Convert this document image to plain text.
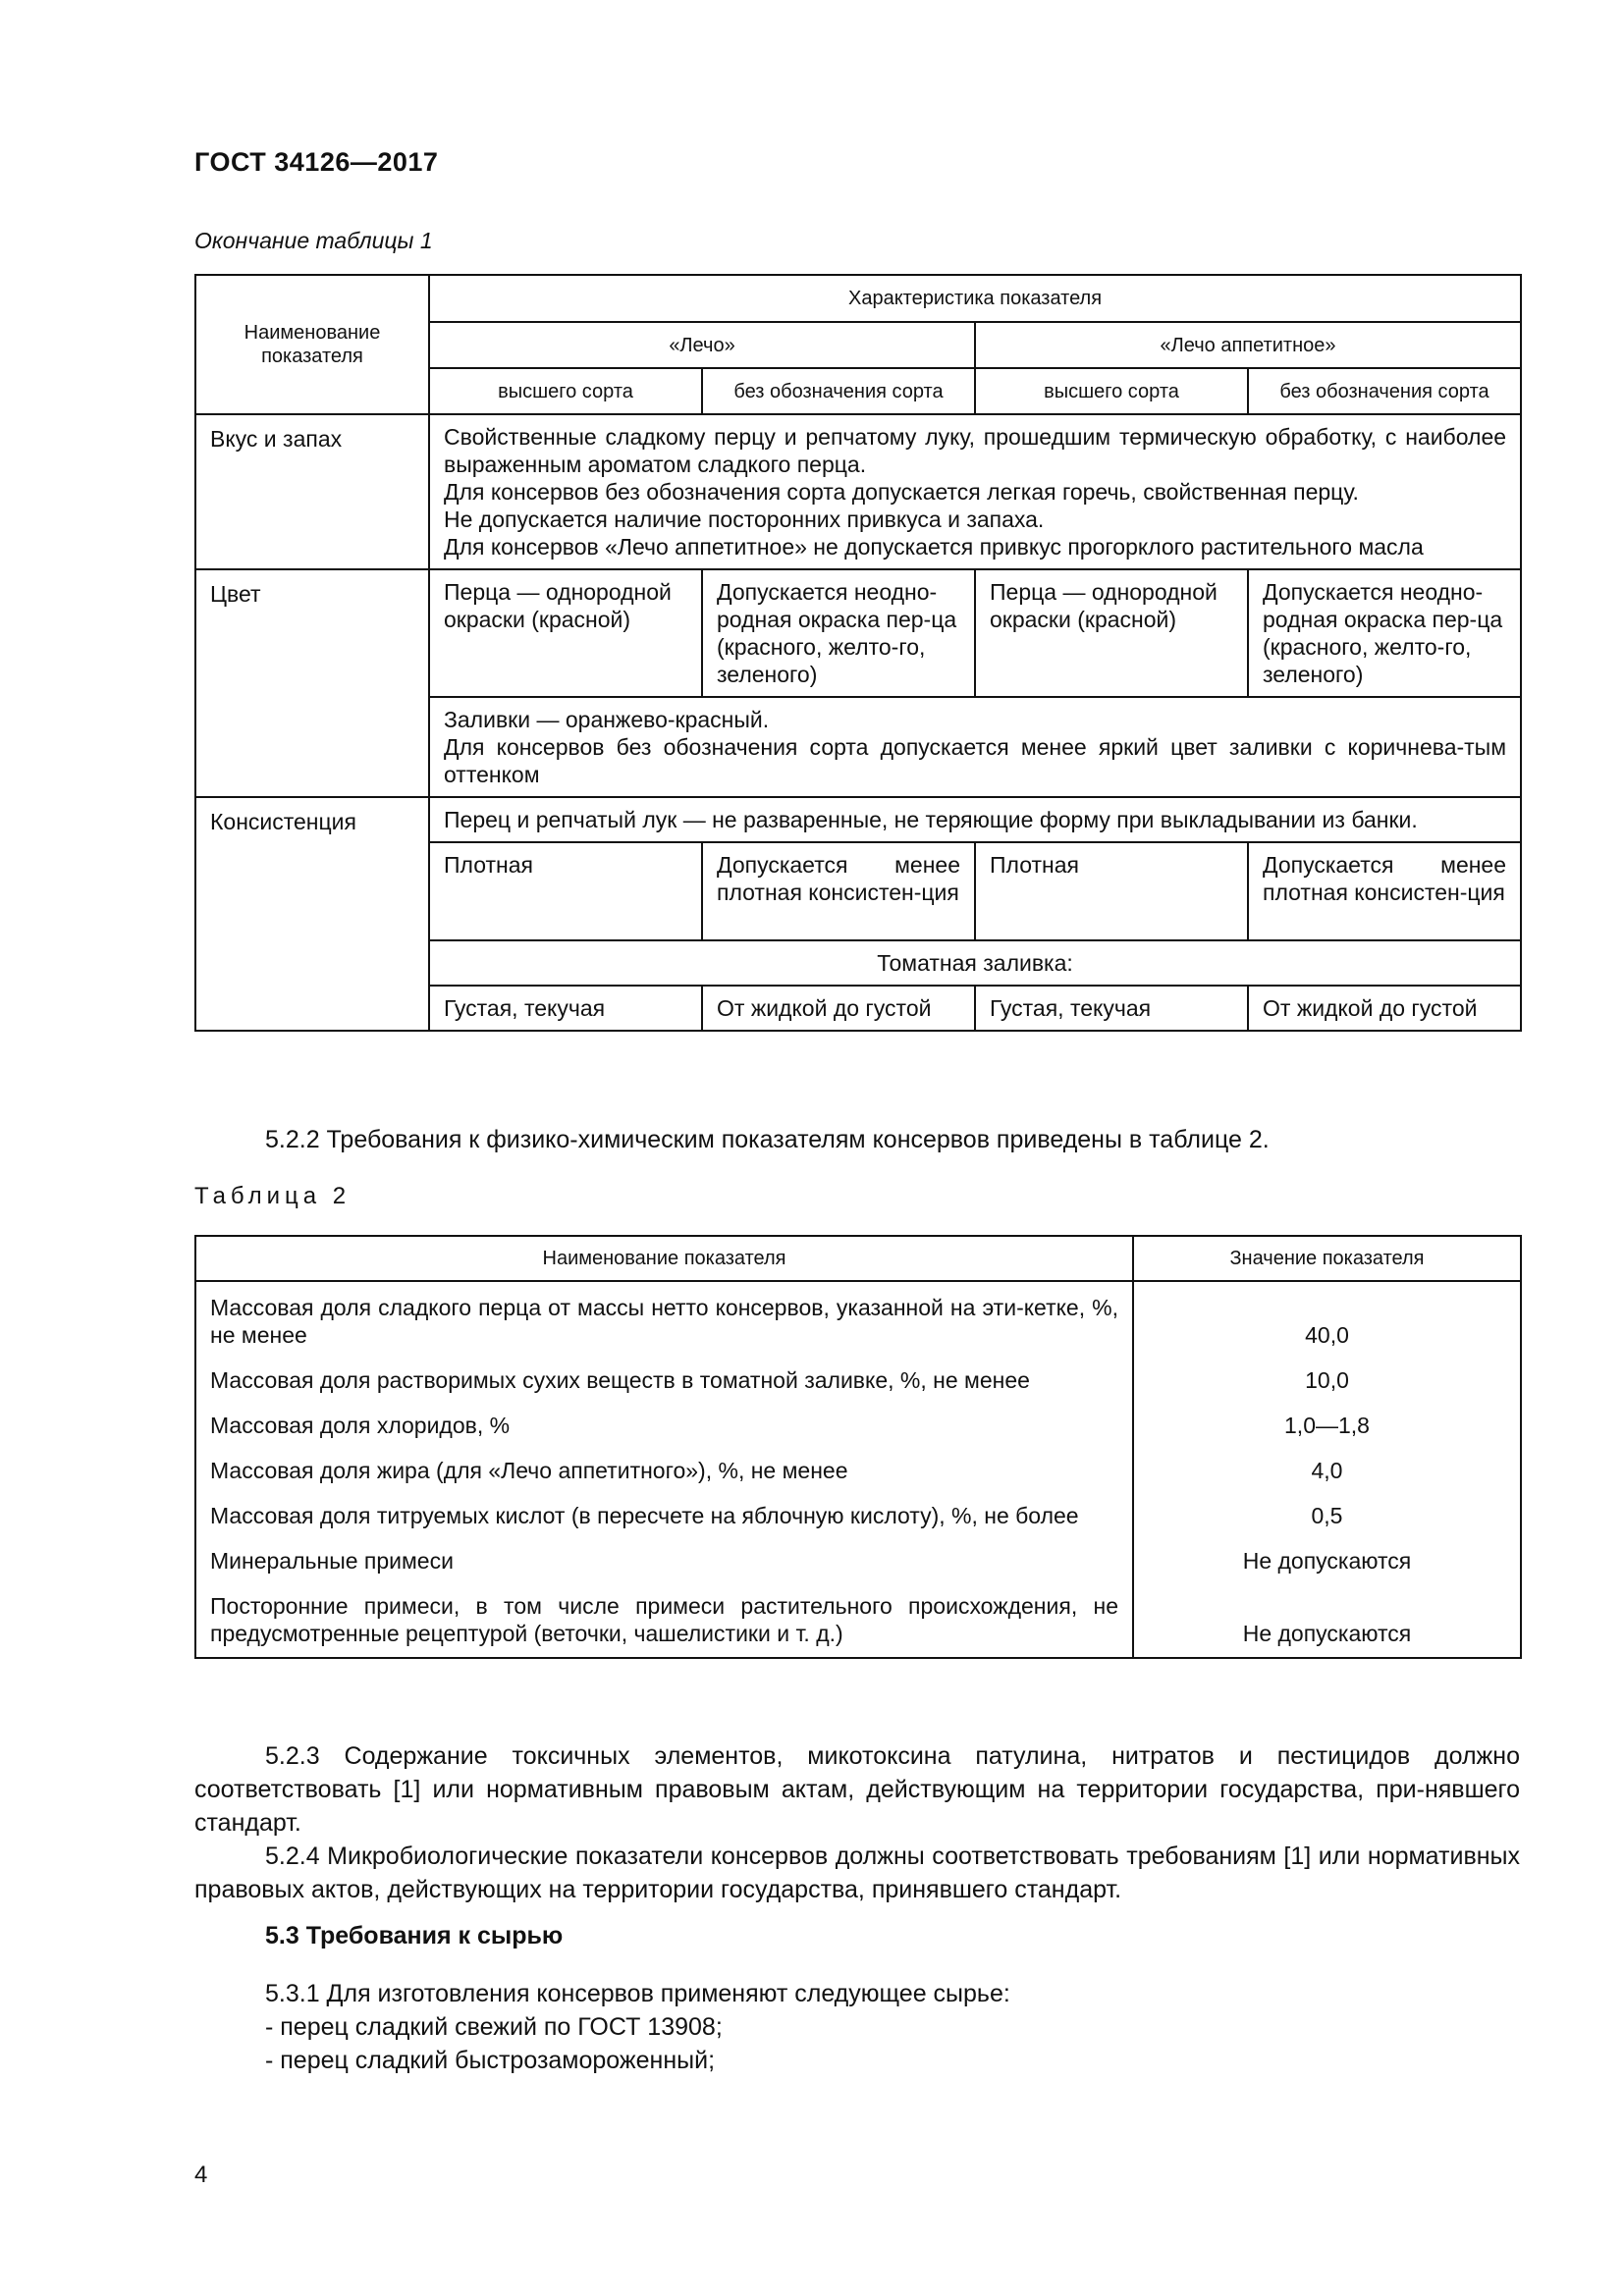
ГОСТ 34126—2017
Окончание таблицы 1
Наименование показателя	Характеристика показателя			
	«Лечо»		«Лечо аппетитное»	
	высшего сорта	без обозначения сорта	высшего сорта	без обозначения сорта
Вкус и запах	Свойственные сладкому перцу и репчатому луку, прошедшим термическую обработку, с наиболее выраженным ароматом сладкого перца.
Для консервов без обозначения сорта допускается легкая горечь, свойственная перцу.
Не допускается наличие посторонних привкуса и запаха.
Для консервов «Лечо аппетитное» не допускается привкус прогорклого растительного масла			

Цвет	Перца — однородной окраски (красной)	Допускается неодно-родная окраска пер-ца (красного, желто-го, зеленого)	Перца — однородной окраски (красной)	Допускается неодно-родная окраска пер-ца (красного, желто-го, зеленого)

	Заливки — оранжево-красный.
Для консервов без обозначения сорта допускается менее яркий цвет заливки с коричнева-тым оттенком			

Консистенция	Перец и репчатый лук — не разваренные, не теряющие форму при выкладывании из банки.			
	Плотная	Допускается менее плотная консистен-ция	Плотная	Допускается менее плотная консистен-ция
	Томатная заливка:			
	Густая, текучая	От жидкой до густой	Густая, текучая	От жидкой до густой
5.2.2 Требования к физико-химическим показателям консервов приведены в таблице 2.
Таблица 2
Наименование показателя	Значение показателя

Массовая доля сладкого перца от массы нетто консервов, указанной на эти-кетке, %, не менее	40,0

Массовая доля растворимых сухих веществ в томатной заливке, %, не менее	10,0

Массовая доля хлоридов, %	1,0—1,8

Массовая доля жира (для «Лечо аппетитного»), %, не менее	4,0

Массовая доля титруемых кислот (в пересчете на яблочную кислоту), %, не более	0,5

Минеральные примеси	Не допускаются

Посторонние примеси, в том числе примеси растительного происхождения, не предусмотренные рецептурой (веточки, чашелистики и т. д.)	Не допускаются
5.2.3 Содержание токсичных элементов, микотоксина патулина, нитратов и пестицидов должно соответствовать [1] или нормативным правовым актам, действующим на территории государства, при-нявшего стандарт.
5.2.4 Микробиологические показатели консервов должны соответствовать требованиям [1] или нормативных правовых актов, действующих на территории государства, принявшего стандарт.
5.3 Требования к сырью
5.3.1 Для изготовления консервов применяют следующее сырье:
- перец сладкий свежий по ГОСТ 13908;
- перец сладкий быстрозамороженный;
4
